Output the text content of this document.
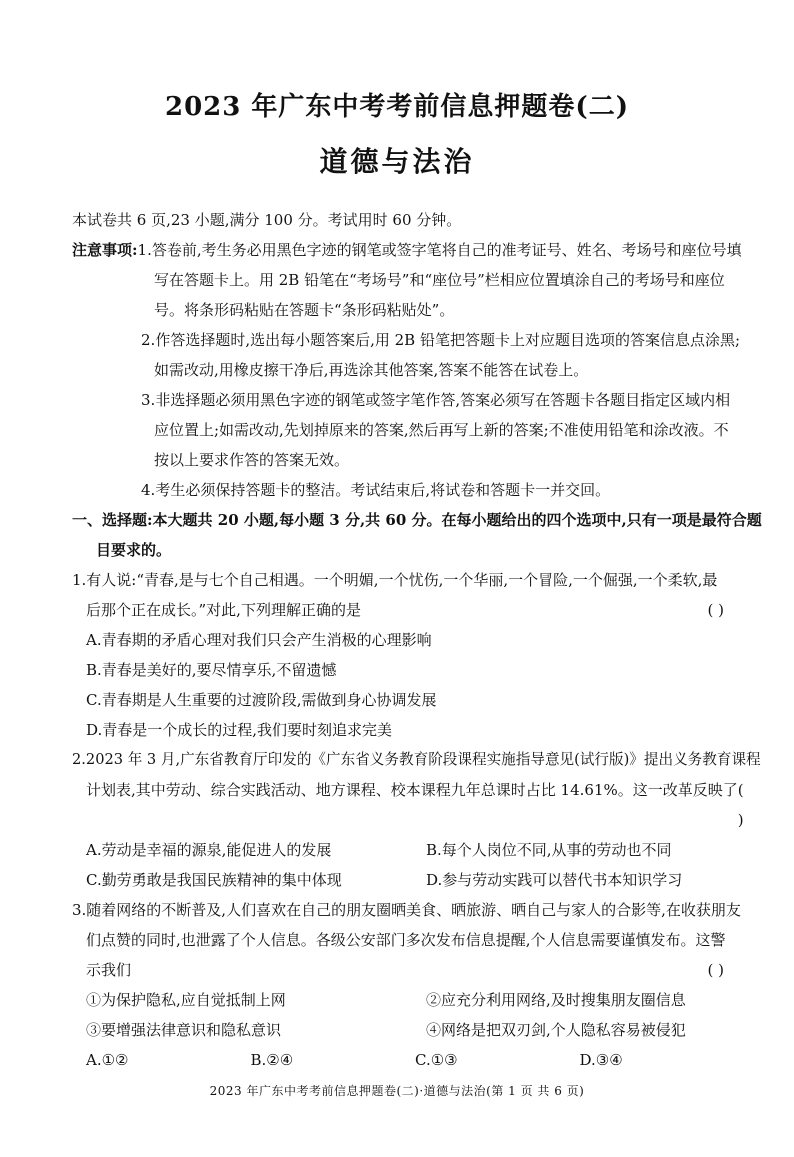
2023 年广东中考考前信息押题卷(二)
道德与法治
本试卷共 6 页,23 小题,满分 100 分。考试用时 60 分钟。
注意事项: 1. 答卷前,考生务必用黑色字迹的钢笔或签字笔将自己的准考证号、姓名、考场号和座位号填
写在答题卡上。用 2B 铅笔在“考场号”和“座位号”栏相应位置填涂自己的考场号和座位
号。将条形码粘贴在答题卡“条形码粘贴处”。
2. 作答选择题时,选出每小题答案后,用 2B 铅笔把答题卡上对应题目选项的答案信息点涂黑;
如需改动,用橡皮擦干净后,再选涂其他答案,答案不能答在试卷上。
3. 非选择题必须用黑色字迹的钢笔或签字笔作答,答案必须写在答题卡各题目指定区域内相
应位置上;如需改动,先划掉原来的答案,然后再写上新的答案;不准使用铅笔和涂改液。不
按以上要求作答的答案无效。
4. 考生必须保持答题卡的整洁。考试结束后,将试卷和答题卡一并交回。
一、选择题:本大题共 20 小题,每小题 3 分,共 60 分。在每小题给出的四个选项中,只有一项是最符合题
目要求的。
1.有人说:“青春,是与七个自己相遇。一个明媚,一个忧伤,一个华丽,一个冒险,一个倔强,一个柔软,最
后那个正在成长。”对此,下列理解正确的是	( )
A.青春期的矛盾心理对我们只会产生消极的心理影响
B.青春是美好的,要尽情享乐,不留遗憾
C.青春期是人生重要的过渡阶段,需做到身心协调发展
D.青春是一个成长的过程,我们要时刻追求完美
2.2023 年 3 月,广东省教育厅印发的《广东省义务教育阶段课程实施指导意见(试行版)》提出义务教育课程
计划表,其中劳动、综合实践活动、地方课程、校本课程九年总课时占比 14.61%。这一改革反映了 ( )
A.劳动是幸福的源泉,能促进人的发展	B.每个人岗位不同,从事的劳动也不同
C.勤劳勇敢是我国民族精神的集中体现	D.参与劳动实践可以替代书本知识学习
3.随着网络的不断普及,人们喜欢在自己的朋友圈晒美食、晒旅游、晒自己与家人的合影等,在收获朋友
们点赞的同时,也泄露了个人信息。各级公安部门多次发布信息提醒,个人信息需要谨慎发布。这警
示我们	( )
①为保护隐私,应自觉抵制上网	②应充分利用网络,及时搜集朋友圈信息
③要增强法律意识和隐私意识	④网络是把双刃剑,个人隐私容易被侵犯
A.①②	B.②④	C.①③	D.③④
2023 年广东中考考前信息押题卷(二)·道德与法治(第 1 页 共 6 页)
